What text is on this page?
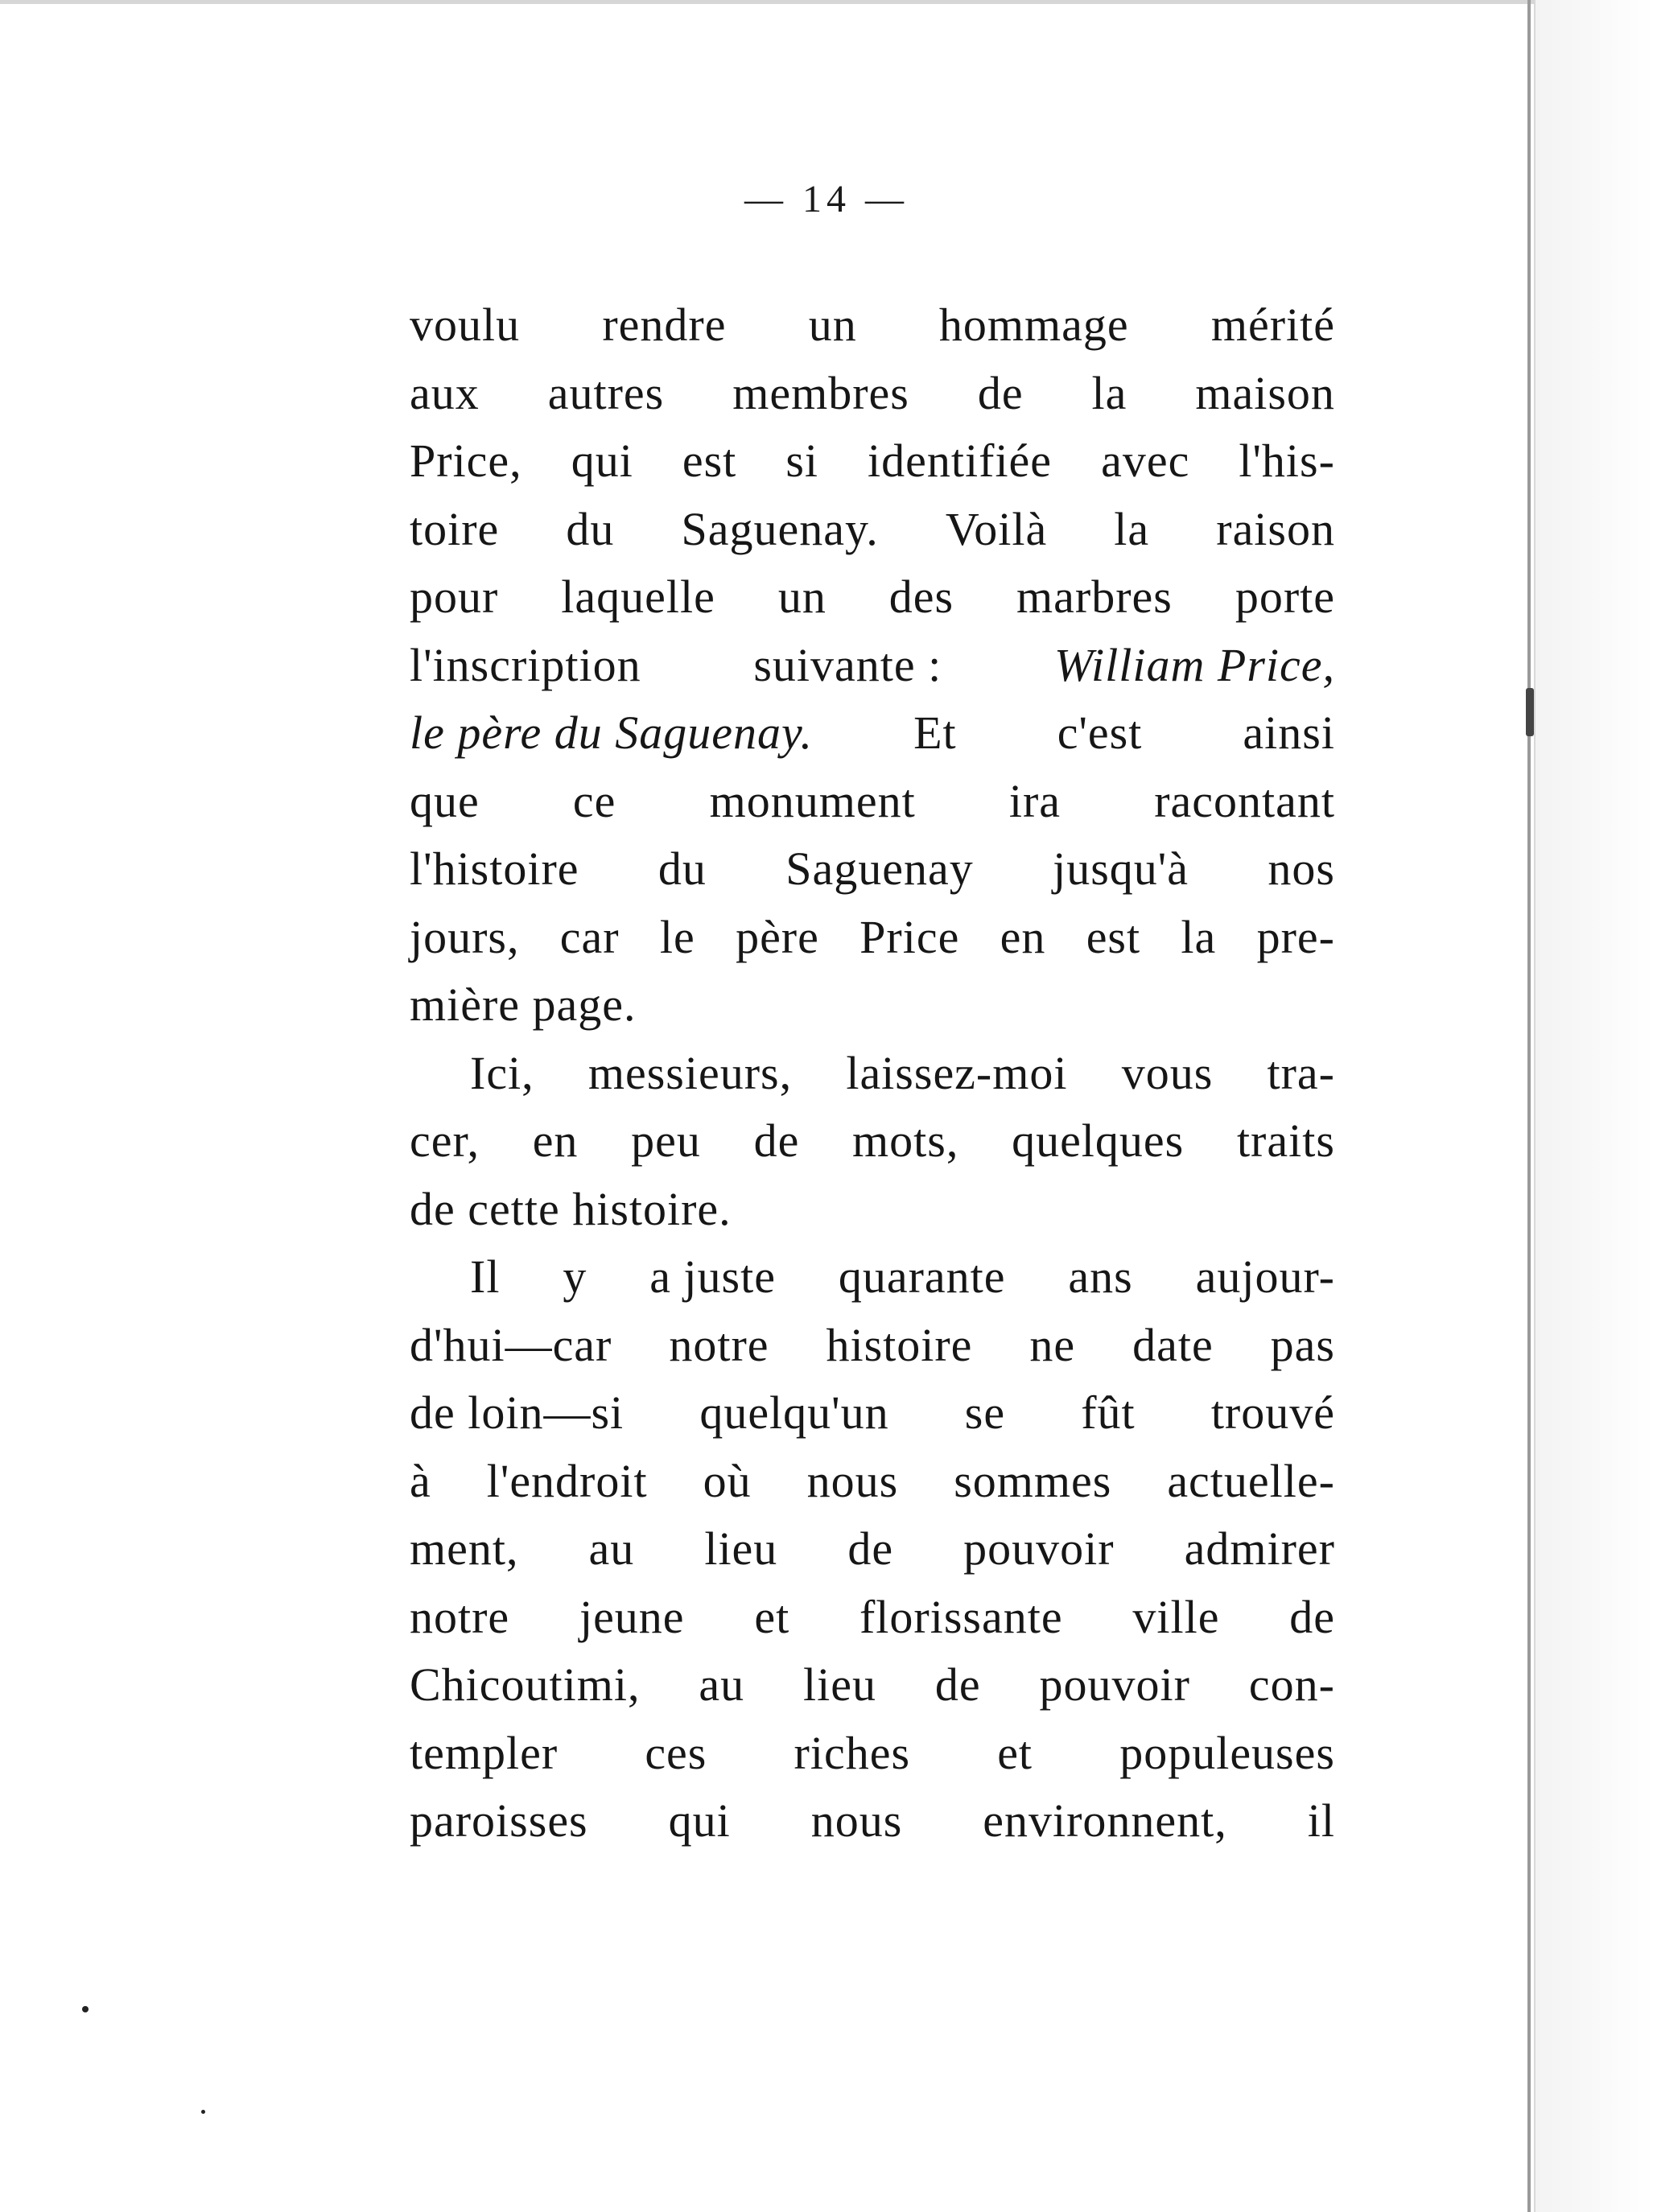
— 14 —
voulu rendre un hommage mérité
aux autres membres de la maison
Price, qui est si identifiée avec l'his-
toire du Saguenay. Voilà la raison
pour laquelle un des marbres porte
l'inscription suivante : William Price,
le père du Saguenay. Et c'est ainsi
que ce monument ira racontant
l'histoire du Saguenay jusqu'à nos
jours, car le père Price en est la pre-
mière page.
Ici, messieurs, laissez-moi vous tra-
cer, en peu de mots, quelques traits
de cette histoire.
Il y a juste quarante ans aujour-
d'hui—car notre histoire ne date pas
de loin—si quelqu'un se fût trouvé
à l'endroit où nous sommes actuelle-
ment, au lieu de pouvoir admirer
notre jeune et florissante ville de
Chicoutimi, au lieu de pouvoir con-
templer ces riches et populeuses
paroisses qui nous environnent, il
